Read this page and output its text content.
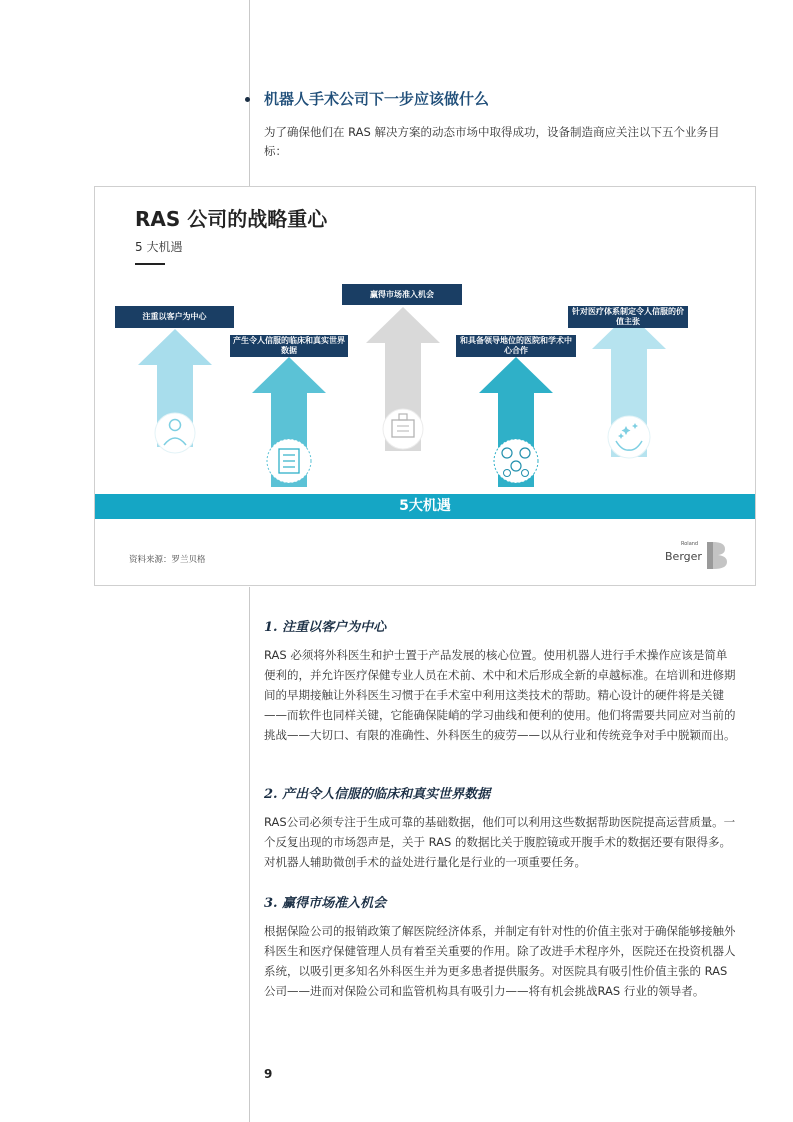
机器人手术公司下一步应该做什么
为了确保他们在 RAS 解决方案的动态市场中取得成功，设备制造商应关注以下五个业务目标：
RAS 公司的战略重心
5 大机遇
注重以客户为中心
产生令人信服的临床和真实世界数据
赢得市场准入机会
和具备领导地位的医院和学术中心合作
针对医疗体系制定令人信服的价值主张
5大机遇
资料来源：罗兰贝格
Roland
Berger
1. 注重以客户为中心
RAS 必须将外科医生和护士置于产品发展的核心位置。使用机器人进行手术操作应该是简单便利的，并允许医疗保健专业人员在术前、术中和术后形成全新的卓越标准。在培训和进修期间的早期接触让外科医生习惯于在手术室中利用这类技术的帮助。精心设计的硬件将是关键——而软件也同样关键，它能确保陡峭的学习曲线和便利的使用。他们将需要共同应对当前的挑战——大切口、有限的准确性、外科医生的疲劳——以从行业和传统竞争对手中脱颖而出。
2. 产出令人信服的临床和真实世界数据
RAS公司必须专注于生成可靠的基础数据，他们可以利用这些数据帮助医院提高运营质量。一个反复出现的市场怨声是，关于 RAS 的数据比关于腹腔镜或开腹手术的数据还要有限得多。对机器人辅助微创手术的益处进行量化是行业的一项重要任务。
3. 赢得市场准入机会
根据保险公司的报销政策了解医院经济体系，并制定有针对性的价值主张对于确保能够接触外科医生和医疗保健管理人员有着至关重要的作用。除了改进手术程序外，医院还在投资机器人系统，以吸引更多知名外科医生并为更多患者提供服务。对医院具有吸引性价值主张的 RAS 公司——进而对保险公司和监管机构具有吸引力——将有机会挑战RAS 行业的领导者。
9
